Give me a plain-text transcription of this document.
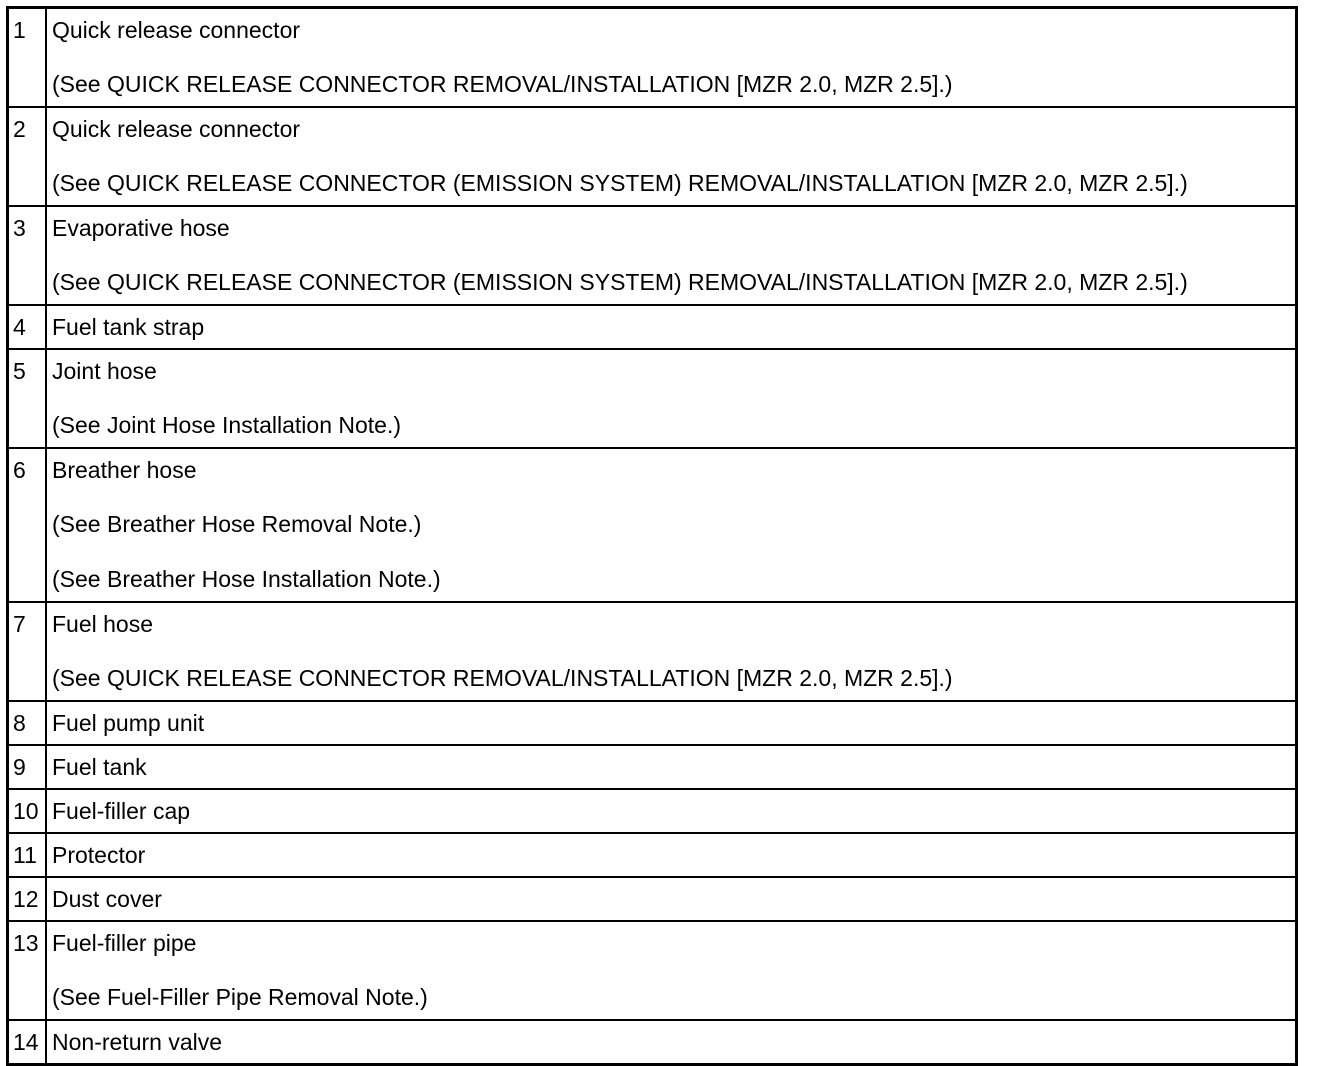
1	Quick release connector
(See QUICK RELEASE CONNECTOR REMOVAL/INSTALLATION [MZR 2.0, MZR 2.5].)

2	Quick release connector
(See QUICK RELEASE CONNECTOR (EMISSION SYSTEM) REMOVAL/INSTALLATION [MZR 2.0, MZR 2.5].)

3	Evaporative hose
(See QUICK RELEASE CONNECTOR (EMISSION SYSTEM) REMOVAL/INSTALLATION [MZR 2.0, MZR 2.5].)

4	Fuel tank strap

5	Joint hose
(See Joint Hose Installation Note.)

6	Breather hose
(See Breather Hose Removal Note.)
(See Breather Hose Installation Note.)

7	Fuel hose
(See QUICK RELEASE CONNECTOR REMOVAL/INSTALLATION [MZR 2.0, MZR 2.5].)

8	Fuel pump unit

9	Fuel tank

10	Fuel-filler cap

11	Protector

12	Dust cover

13	Fuel-filler pipe
(See Fuel-Filler Pipe Removal Note.)

14	Non-return valve
